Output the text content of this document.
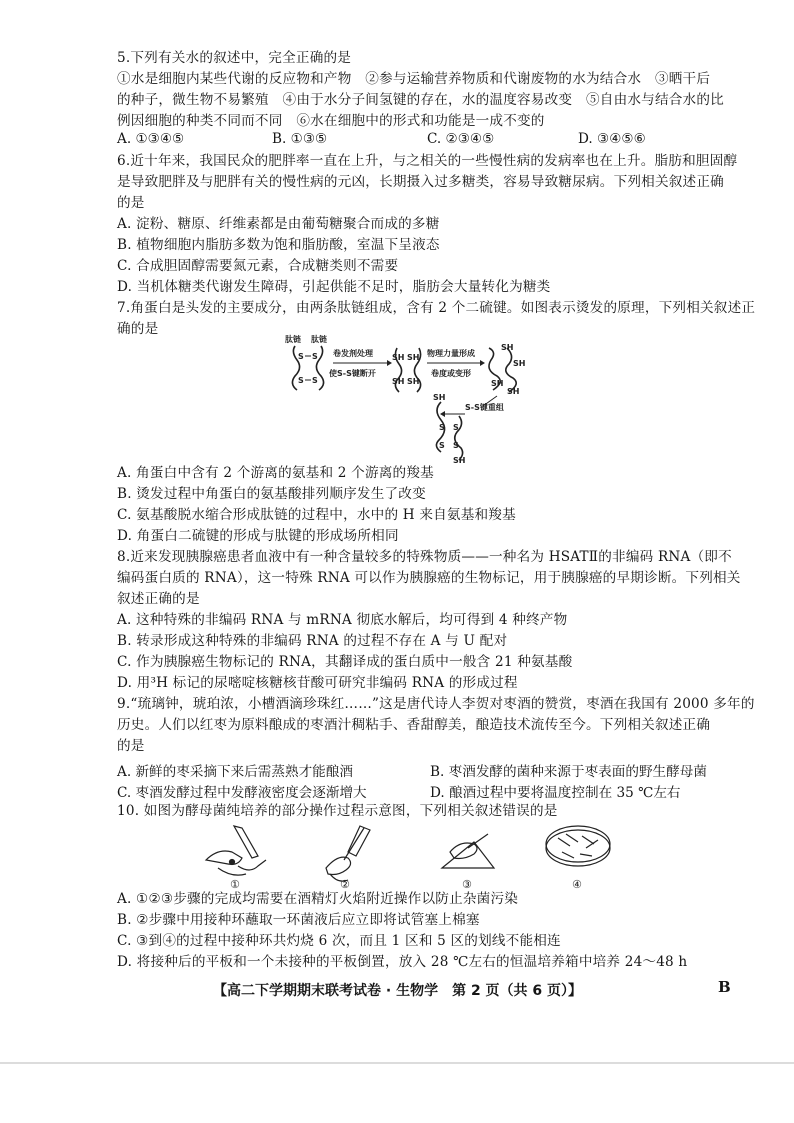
5.下列有关水的叙述中，完全正确的是
①水是细胞内某些代谢的反应物和产物　②参与运输营养物质和代谢废物的水为结合水　③晒干后
的种子，微生物不易繁殖　④由于水分子间氢键的存在，水的温度容易改变　⑤自由水与结合水的比
例因细胞的种类不同而不同　⑥水在细胞中的形式和功能是一成不变的
A. ①③④⑤	B. ①③⑤	C. ②③④⑤	D. ③④⑤⑥
6.近十年来，我国民众的肥胖率一直在上升，与之相关的一些慢性病的发病率也在上升。脂肪和胆固醇
是导致肥胖及与肥胖有关的慢性病的元凶，长期摄入过多糖类，容易导致糖尿病。下列相关叙述正确
的是
A. 淀粉、糖原、纤维素都是由葡萄糖聚合而成的多糖
B. 植物细胞内脂肪多数为饱和脂肪酸，室温下呈液态
C. 合成胆固醇需要氮元素，合成糖类则不需要
D. 当机体糖类代谢发生障碍，引起供能不足时，脂肪会大量转化为糖类
7.角蛋白是头发的主要成分，由两条肽链组成，含有 2 个二硫键。如图表示烫发的原理，下列相关叙述正
确的是
肽链 肽链
S S
S S
卷发剂处理
使S-S键断开
SH SH
SH SH
物理力量形成
卷度或变形
SH
SH
SH
SH
S-S键重组
SH
S S
S S
SH
A. 角蛋白中含有 2 个游离的氨基和 2 个游离的羧基
B. 烫发过程中角蛋白的氨基酸排列顺序发生了改变
C. 氨基酸脱水缩合形成肽链的过程中，水中的 H 来自氨基和羧基
D. 角蛋白二硫键的形成与肽键的形成场所相同
8.近来发现胰腺癌患者血液中有一种含量较多的特殊物质——一种名为 HSATⅡ的非编码 RNA（即不
编码蛋白质的 RNA），这一特殊 RNA 可以作为胰腺癌的生物标记，用于胰腺癌的早期诊断。下列相关
叙述正确的是
A. 这种特殊的非编码 RNA 与 mRNA 彻底水解后，均可得到 4 种终产物
B. 转录形成这种特殊的非编码 RNA 的过程不存在 A 与 U 配对
C. 作为胰腺癌生物标记的 RNA，其翻译成的蛋白质中一般含 21 种氨基酸
D. 用³H 标记的尿嘧啶核糖核苷酸可研究非编码 RNA 的形成过程
9.“琉璃钟，琥珀浓，小槽酒滴珍珠红……”这是唐代诗人李贺对枣酒的赞赏，枣酒在我国有 2000 多年的
历史。人们以红枣为原料酿成的枣酒汁稠粘手、香甜醇美，酿造技术流传至今。下列相关叙述正确
的是
A. 新鲜的枣采摘下来后需蒸熟才能酿酒	B. 枣酒发酵的菌种来源于枣表面的野生酵母菌
C. 枣酒发酵过程中发酵液密度会逐渐增大	D. 酿酒过程中要将温度控制在 35 ℃左右
10. 如图为酵母菌纯培养的部分操作过程示意图，下列相关叙述错误的是
①	②	③	④
A. ①②③步骤的完成均需要在酒精灯火焰附近操作以防止杂菌污染
B. ②步骤中用接种环蘸取一环菌液后应立即将试管塞上棉塞
C. ③到④的过程中接种环共灼烧 6 次，而且 1 区和 5 区的划线不能相连
D. 将接种后的平板和一个未接种的平板倒置，放入 28 ℃左右的恒温培养箱中培养 24～48 h
【高二下学期期末联考试卷 · 生物学　第 2 页（共 6 页）】	B
